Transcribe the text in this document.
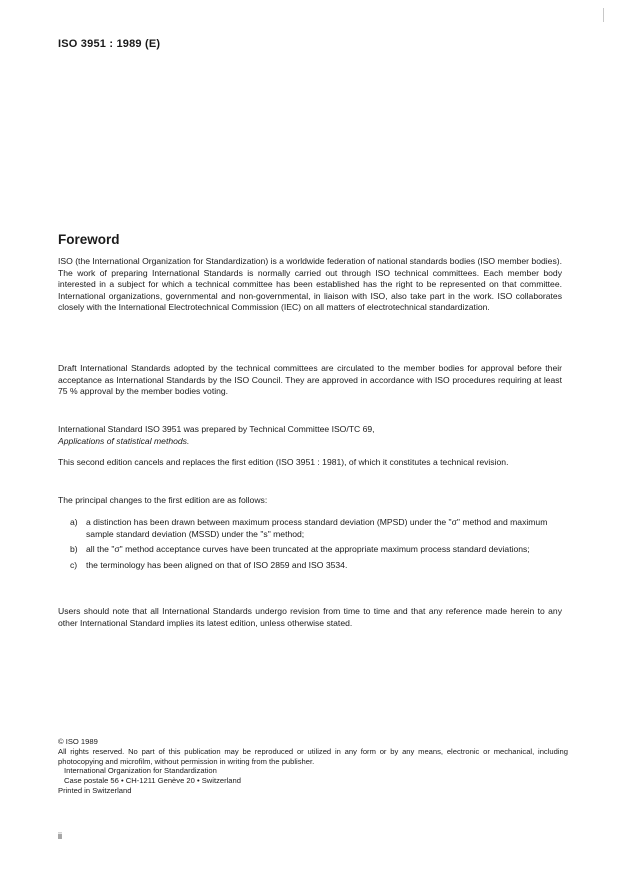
ISO 3951 : 1989 (E)
Foreword

ISO (the International Organization for Standardization) is a worldwide federation of national standards bodies (ISO member bodies). The work of preparing International Standards is normally carried out through ISO technical committees. Each member body interested in a subject for which a technical committee has been established has the right to be represented on that committee. International organizations, governmental and non-governmental, in liaison with ISO, also take part in the work. ISO collaborates closely with the International Electrotechnical Commission (IEC) on all matters of electrotechnical standardization.

Draft International Standards adopted by the technical committees are circulated to the member bodies for approval before their acceptance as International Standards by the ISO Council. They are approved in accordance with ISO procedures requiring at least 75 % approval by the member bodies voting.

International Standard ISO 3951 was prepared by Technical Committee ISO/TC 69,
Applications of statistical methods.

This second edition cancels and replaces the first edition (ISO 3951 : 1981), of which it constitutes a technical revision.

The principal changes to the first edition are as follows:

a) a distinction has been drawn between maximum process standard deviation (MPSD) under the "σ" method and maximum sample standard deviation (MSSD) under the "s" method;
b) all the "σ" method acceptance curves have been truncated at the appropriate maximum process standard deviations;
c) the terminology has been aligned on that of ISO 2859 and ISO 3534.

Users should note that all International Standards undergo revision from time to time and that any reference made herein to any other International Standard implies its latest edition, unless otherwise stated.

© ISO 1989
All rights reserved. No part of this publication may be reproduced or utilized in any form or by any means, electronic or mechanical, including photocopying and microfilm, without permission in writing from the publisher.
International Organization for Standardization
Case postale 56 • CH-1211 Genève 20 • Switzerland
Printed in Switzerland
ii
